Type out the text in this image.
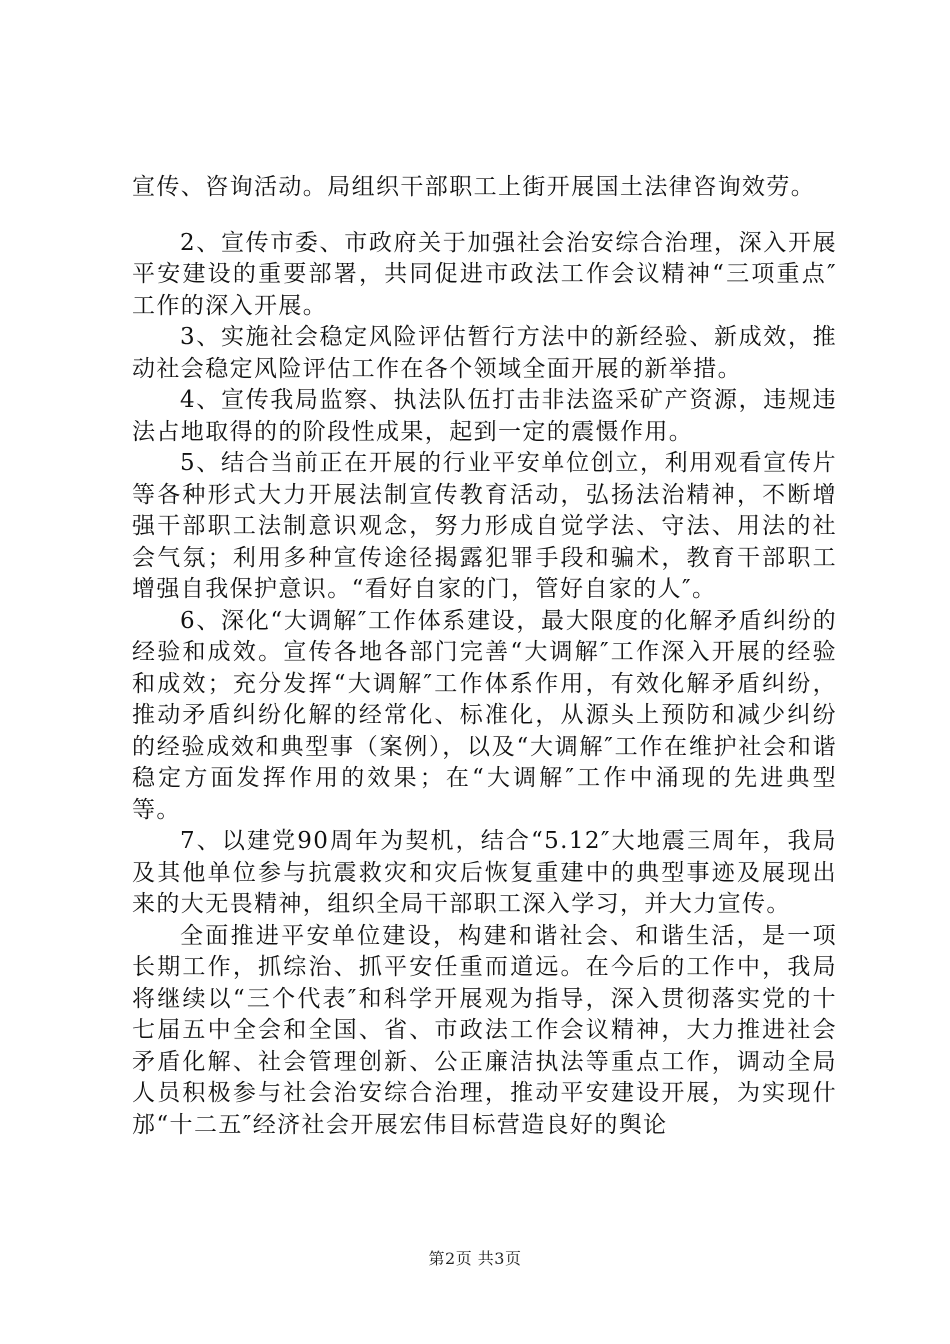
宣传、咨询活动。局组织干部职工上街开展国土法律咨询效劳。

2、宣传市委、市政府关于加强社会治安综合治理，深入开展平安建设的重要部署，共同促进市政法工作会议精神“三项重点″工作的深入开展。

3、实施社会稳定风险评估暂行方法中的新经验、新成效，推动社会稳定风险评估工作在各个领域全面开展的新举措。

4、宣传我局监察、执法队伍打击非法盗采矿产资源，违规违法占地取得的的阶段性成果，起到一定的震慑作用。

5、结合当前正在开展的行业平安单位创立，利用观看宣传片等各种形式大力开展法制宣传教育活动，弘扬法治精神，不断增强干部职工法制意识观念，努力形成自觉学法、守法、用法的社会气氛；利用多种宣传途径揭露犯罪手段和骗术，教育干部职工增强自我保护意识。“看好自家的门，管好自家的人″。

6、深化“大调解″工作体系建设，最大限度的化解矛盾纠纷的经验和成效。宣传各地各部门完善“大调解″工作深入开展的经验和成效；充分发挥“大调解″工作体系作用，有效化解矛盾纠纷，推动矛盾纠纷化解的经常化、标准化，从源头上预防和减少纠纷的经验成效和典型事（案例），以及“大调解″工作在维护社会和谐稳定方面发挥作用的效果；在“大调解″工作中涌现的先进典型等。

7、以建党90周年为契机，结合“5.12″大地震三周年，我局及其他单位参与抗震救灾和灾后恢复重建中的典型事迹及展现出来的大无畏精神，组织全局干部职工深入学习，并大力宣传。

全面推进平安单位建设，构建和谐社会、和谐生活，是一项长期工作，抓综治、抓平安任重而道远。在今后的工作中，我局将继续以“三个代表″和科学开展观为指导，深入贯彻落实党的十七届五中全会和全国、省、市政法工作会议精神，大力推进社会矛盾化解、社会管理创新、公正廉洁执法等重点工作，调动全局人员积极参与社会治安综合治理，推动平安建设开展，为实现什邡“十二五″经济社会开展宏伟目标营造良好的舆论

第2页 共3页
